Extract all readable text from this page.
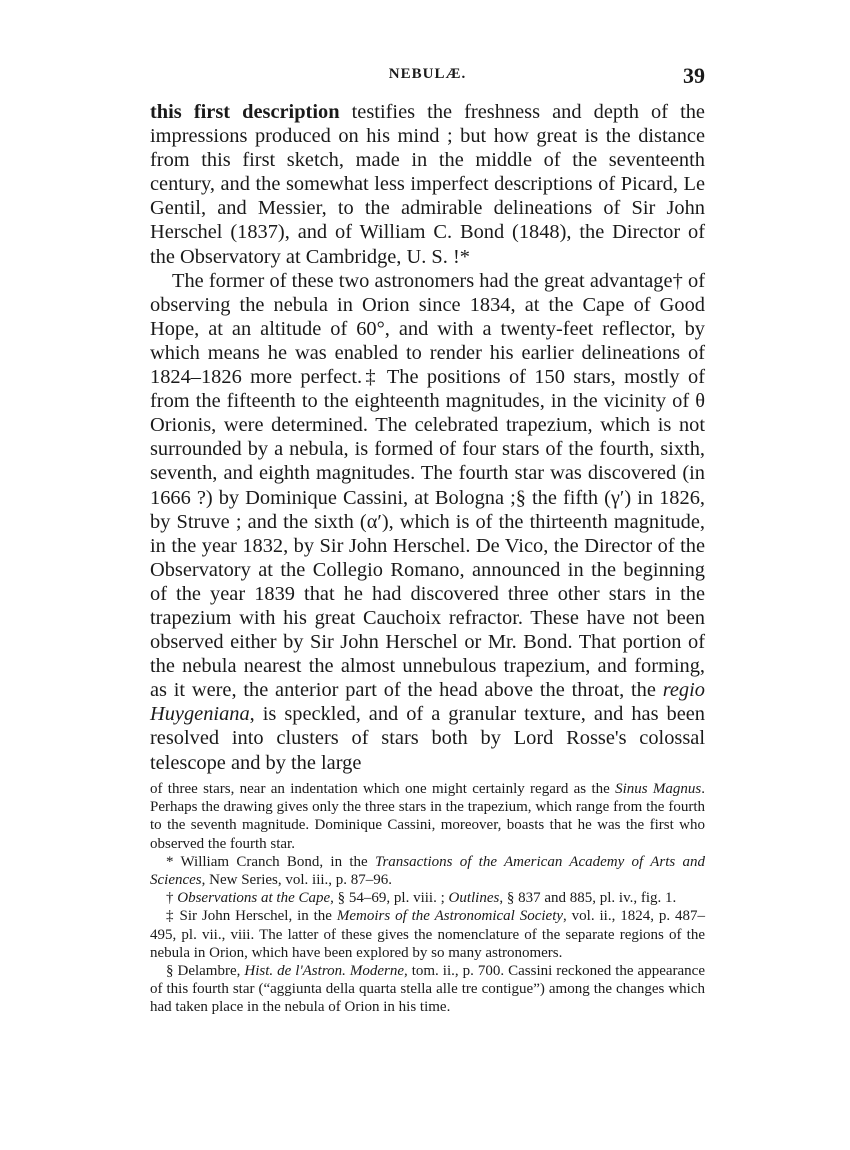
NEBULÆ.	39

this first description testifies the freshness and depth of the impressions produced on his mind ; but how great is the distance from this first sketch, made in the middle of the seventeenth century, and the somewhat less imperfect descriptions of Picard, Le Gentil, and Messier, to the admirable delineations of Sir John Herschel (1837), and of William C. Bond (1848), the Director of the Observatory at Cambridge, U. S. !*

The former of these two astronomers had the great advantage† of observing the nebula in Orion since 1834, at the Cape of Good Hope, at an altitude of 60°, and with a twenty-feet reflector, by which means he was enabled to render his earlier delineations of 1824–1826 more perfect.‡ The positions of 150 stars, mostly of from the fifteenth to the eighteenth magnitudes, in the vicinity of θ Orionis, were determined. The celebrated trapezium, which is not surrounded by a nebula, is formed of four stars of the fourth, sixth, seventh, and eighth magnitudes. The fourth star was discovered (in 1666 ?) by Dominique Cassini, at Bologna ;§ the fifth (γ′) in 1826, by Struve ; and the sixth (α′), which is of the thirteenth magnitude, in the year 1832, by Sir John Herschel. De Vico, the Director of the Observatory at the Collegio Romano, announced in the beginning of the year 1839 that he had discovered three other stars in the trapezium with his great Cauchoix refractor. These have not been observed either by Sir John Herschel or Mr. Bond. That portion of the nebula nearest the almost unnebulous trapezium, and forming, as it were, the anterior part of the head above the throat, the regio Huygeniana, is speckled, and of a granular texture, and has been resolved into clusters of stars both by Lord Rosse's colossal telescope and by the large

of three stars, near an indentation which one might certainly regard as the Sinus Magnus. Perhaps the drawing gives only the three stars in the trapezium, which range from the fourth to the seventh magnitude. Dominique Cassini, moreover, boasts that he was the first who observed the fourth star.

* William Cranch Bond, in the Transactions of the American Academy of Arts and Sciences, New Series, vol. iii., p. 87–96.

† Observations at the Cape, § 54–69, pl. viii. ; Outlines, § 837 and 885, pl. iv., fig. 1.

‡ Sir John Herschel, in the Memoirs of the Astronomical Society, vol. ii., 1824, p. 487–495, pl. vii., viii. The latter of these gives the nomenclature of the separate regions of the nebula in Orion, which have been explored by so many astronomers.

§ Delambre, Hist. de l'Astron. Moderne, tom. ii., p. 700. Cassini reckoned the appearance of this fourth star (“aggiunta della quarta stella alle tre contigue”) among the changes which had taken place in the nebula of Orion in his time.
